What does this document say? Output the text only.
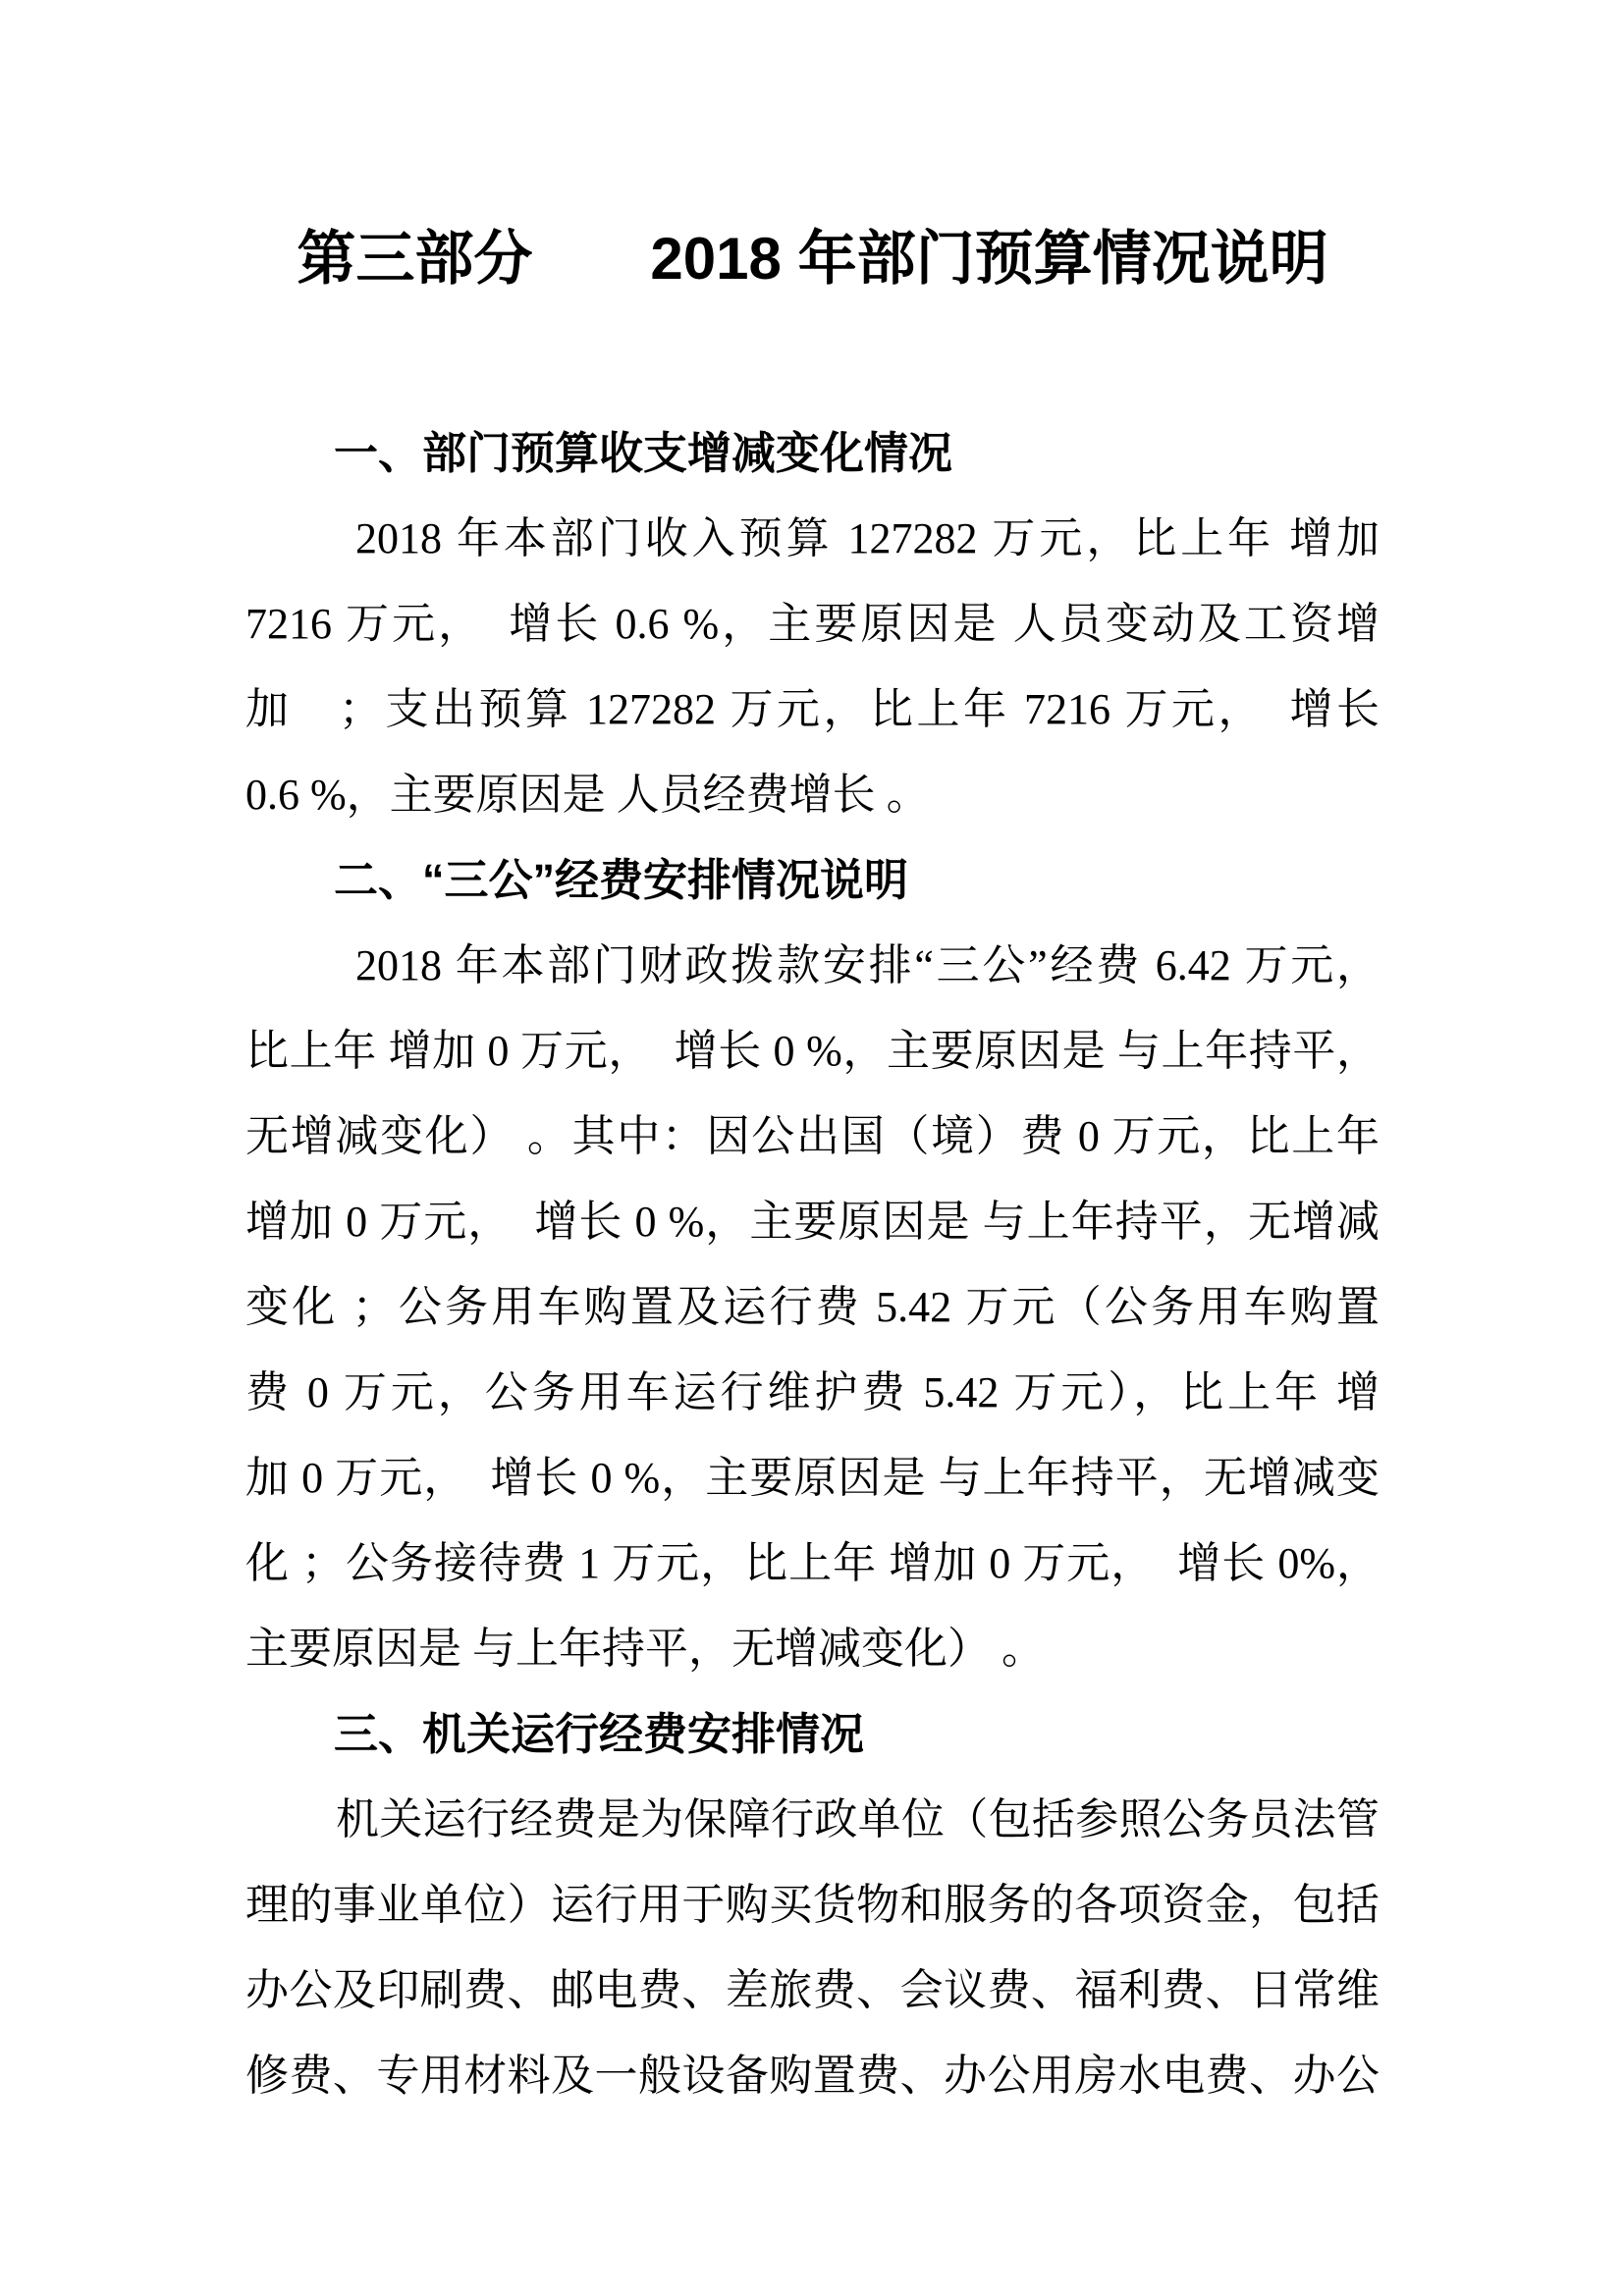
第三部分　　2018 年部门预算情况说明
一、部门预算收支增减变化情况
2018 年本部门收入预算 127282 万元，比上年 增加
7216 万元，　增长 0.6 %，主要原因是 人员变动及工资增
加　；支出预算 127282 万元，比上年 7216 万元，　增长
0.6 %，主要原因是 人员经费增长 。
二、“三公”经费安排情况说明
2018 年本部门财政拨款安排“三公”经费 6.42 万元，
比上年 增加 0 万元，　增长 0 %，主要原因是 与上年持平，
无增减变化） 。其中：因公出国（境）费 0 万元，比上年
增加 0 万元，　增长 0 %，主要原因是 与上年持平，无增减
变化 ；公务用车购置及运行费 5.42 万元（公务用车购置
费 0 万元，公务用车运行维护费 5.42 万元），比上年 增
加 0 万元，　增长 0 %，主要原因是 与上年持平，无增减变
化 ；公务接待费 1 万元，比上年 增加 0 万元，　增长 0%，
主要原因是 与上年持平，无增减变化） 。
三、机关运行经费安排情况
机关运行经费是为保障行政单位（包括参照公务员法管
理的事业单位）运行用于购买货物和服务的各项资金，包括
办公及印刷费、邮电费、差旅费、会议费、福利费、日常维
修费、专用材料及一般设备购置费、办公用房水电费、办公
